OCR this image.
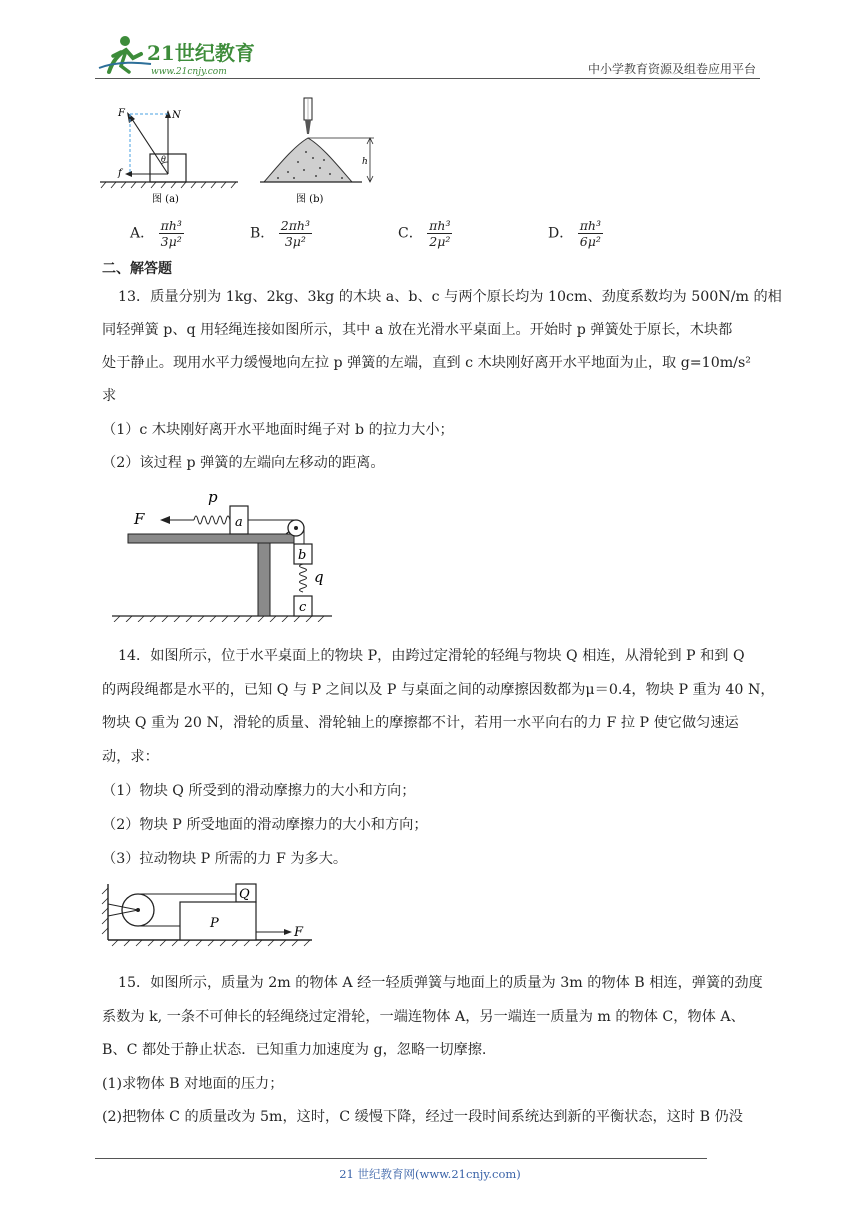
21世纪教育
www.21cnjy.com	中小学教育资源及组卷应用平台
F	N
f
θ
图 (a)
h
图 (b)
A． $\frac{\text{πh³}}{\text{3μ²}}$	B． $\frac{\text{2πh³}}{\text{3μ²}}$	C． $\frac{\text{πh³}}{\text{2μ²}}$	D． $\frac{\text{πh³}}{\text{6μ²}}$
二、解答题
13．质量分别为 1kg、2kg、3kg 的木块 a、b、c 与两个原长均为 10cm、劲度系数均为 500N/m 的相
同轻弹簧 p、q 用轻绳连接如图所示，其中 a 放在光滑水平桌面上。开始时 p 弹簧处于原长，木块都
处于静止。现用水平力缓慢地向左拉 p 弹簧的左端，直到 c 木块刚好离开水平地面为止，取 g=10m/s²
求
（1）c 木块刚好离开水平地面时绳子对 b 的拉力大小；
（2）该过程 p 弹簧的左端向左移动的距离。
a
p
F
b
q
c
14．如图所示，位于水平桌面上的物块 P，由跨过定滑轮的轻绳与物块 Q 相连，从滑轮到 P 和到 Q
的两段绳都是水平的，已知 Q 与 P 之间以及 P 与桌面之间的动摩擦因数都为μ＝0.4，物块 P 重为 40 N，
物块 Q 重为 20 N，滑轮的质量、滑轮轴上的摩擦都不计，若用一水平向右的力 F 拉 P 使它做匀速运
动，求：
（1）物块 Q 所受到的滑动摩擦力的大小和方向；
（2）物块 P 所受地面的滑动摩擦力的大小和方向；
（3）拉动物块 P 所需的力 F 为多大。
Q
P
F
15．如图所示，质量为 2m 的物体 A 经一轻质弹簧与地面上的质量为 3m 的物体 B 相连，弹簧的劲度
系数为 k, 一条不可伸长的轻绳绕过定滑轮，一端连物体 A，另一端连一质量为 m 的物体 C，物体 A、
B、C 都处于静止状态．已知重力加速度为 g，忽略一切摩擦.
(1)求物体 B 对地面的压力；
(2)把物体 C 的质量改为 5m，这时，C 缓慢下降，经过一段时间系统达到新的平衡状态，这时 B 仍没
21 世纪教育网(www.21cnjy.com)
